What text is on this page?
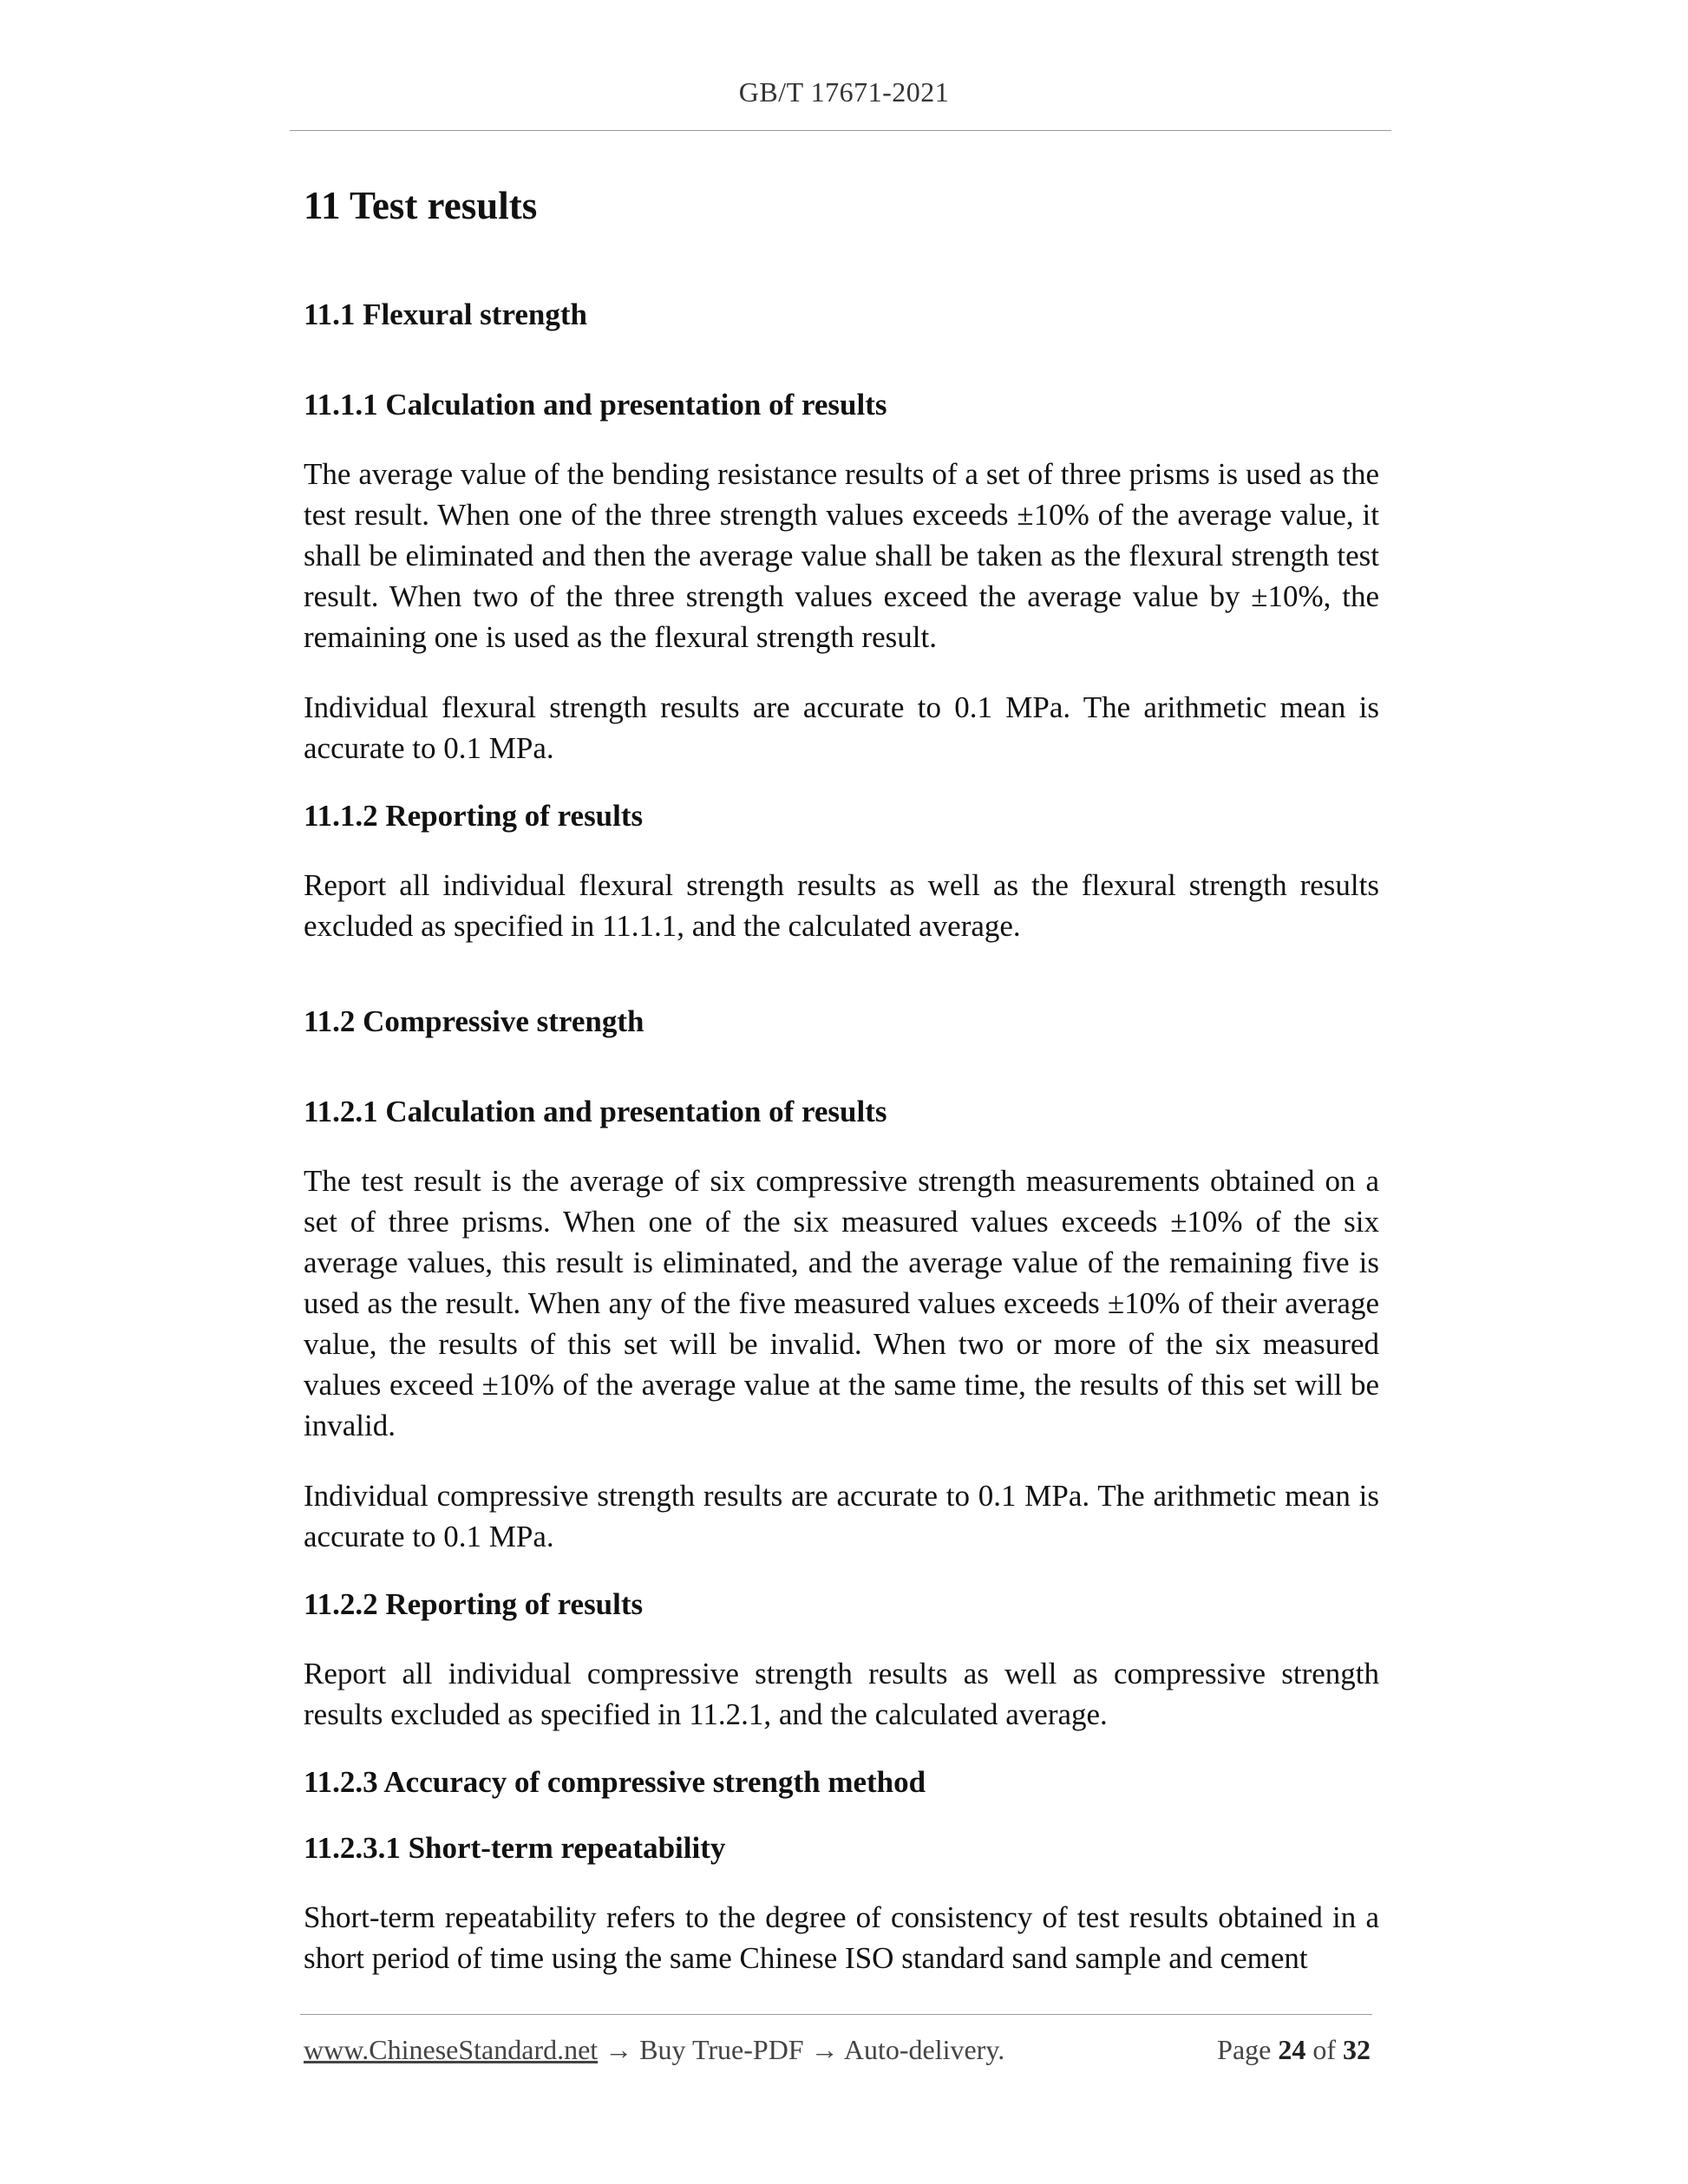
GB/T 17671-2021
11 Test results
11.1 Flexural strength
11.1.1 Calculation and presentation of results

The average value of the bending resistance results of a set of three prisms is used as the test result. When one of the three strength values exceeds ±10% of the average value, it shall be eliminated and then the average value shall be taken as the flexural strength test result. When two of the three strength values exceed the average value by ±10%, the remaining one is used as the flexural strength result.

Individual flexural strength results are accurate to 0.1 MPa. The arithmetic mean is accurate to 0.1 MPa.

11.1.2 Reporting of results

Report all individual flexural strength results as well as the flexural strength results excluded as specified in 11.1.1, and the calculated average.

11.2 Compressive strength
11.2.1 Calculation and presentation of results

The test result is the average of six compressive strength measurements obtained on a set of three prisms. When one of the six measured values exceeds ±10% of the six average values, this result is eliminated, and the average value of the remaining five is used as the result. When any of the five measured values exceeds ±10% of their average value, the results of this set will be invalid. When two or more of the six measured values exceed ±10% of the average value at the same time, the results of this set will be invalid.

Individual compressive strength results are accurate to 0.1 MPa. The arithmetic mean is accurate to 0.1 MPa.

11.2.2 Reporting of results

Report all individual compressive strength results as well as compressive strength results excluded as specified in 11.2.1, and the calculated average.

11.2.3 Accuracy of compressive strength method
11.2.3.1 Short-term repeatability

Short-term repeatability refers to the degree of consistency of test results obtained in a short period of time using the same Chinese ISO standard sand sample and cement

www.ChineseStandard.net → Buy True-PDF → Auto-delivery.	Page 24 of 32
